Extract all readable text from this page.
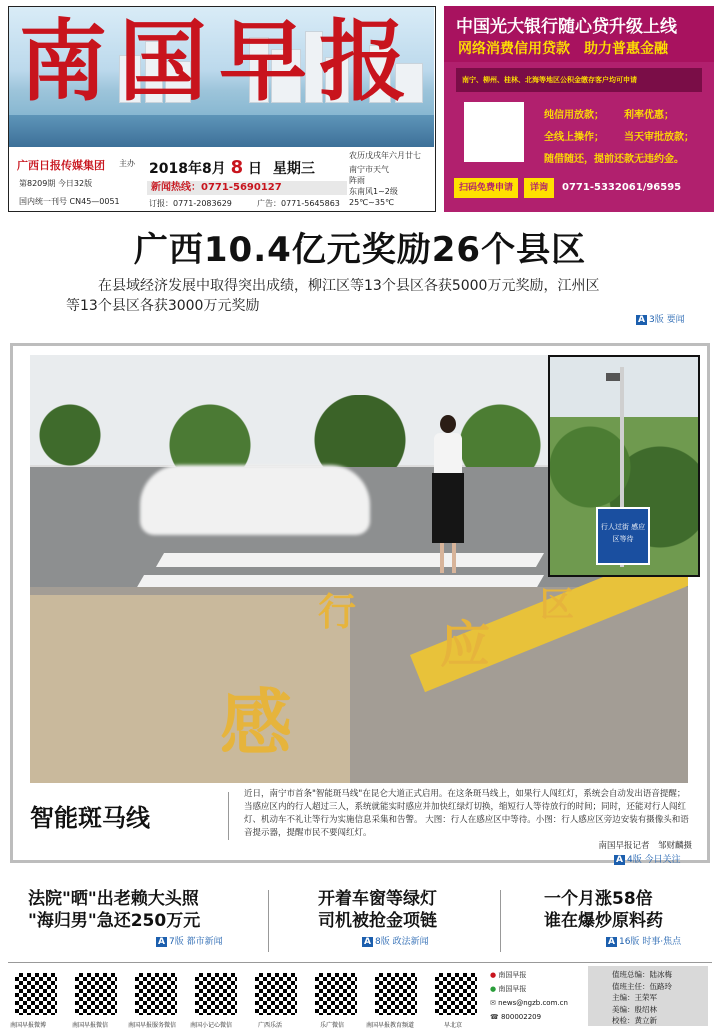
南国早报
广西日报传媒集团 主办
第8209期 今日32版
国内统一刊号 CN45—0051
2018年8月 8 日 星期三
新闻热线：0771-5690127
订报：0771-2083629	广告：0771-5645863
农历戊戌年六月廿七
南宁市天气
阵雨
东南风1~2级
25℃~35℃
中国光大银行随心贷升级上线
网络消费信用贷款　助力普惠金融
南宁、柳州、桂林、北海等地区公积金缴存客户均可申请
纯信用放款； 利率优惠；
全线上操作； 当天审批放款；
随借随还，提前还款无违约金。
扫码免费申请	详询	0771-5332061/96595
广西10.4亿元奖励26个县区
在县域经济发展中取得突出成绩，柳江区等13个县区各获5000万元奖励，江州区
等13个县区各获3000万元奖励
A 3版 要闻
行
感
应
区
行人过街 感应区等待
智能斑马线
近日，南宁市首条"智能斑马线"在昆仑大道正式启用。在这条斑马线上，如果行人闯红灯，系统会自动发出语音提醒；当感应区内的行人超过三人，系统就能实时感应并加快红绿灯切换，缩短行人等待放行的时间；同时，还能对行人闯红灯、机动车不礼让等行为实施信息采集和告警。 大图：行人在感应区中等待。小图：行人感应区旁边安装有摄像头和语音提示器，提醒市民不要闯红灯。
南国早报记者　邹财麟摄
A 4版 今日关注
法院"晒"出老赖大头照
"海归男"急还250万元
A 7版 都市新闻
开着车窗等绿灯
司机被抢金项链
A 8版 政法新闻
一个月涨58倍
谁在爆炒原料药
A 16版 时事·焦点
南国早报微博	南国早报微信	南国早报服务微信 南国小记心微信	广西乐活	乐广微信	南国早报教育频道	早北京
● 南国早报
● 南国早报
✉ news@ngzb.com.cn
☎ 800002209
值班总编：陆冰梅
值班主任：伍路玲
主编：王荣军
美编：殷绍林
校检：黄立新
